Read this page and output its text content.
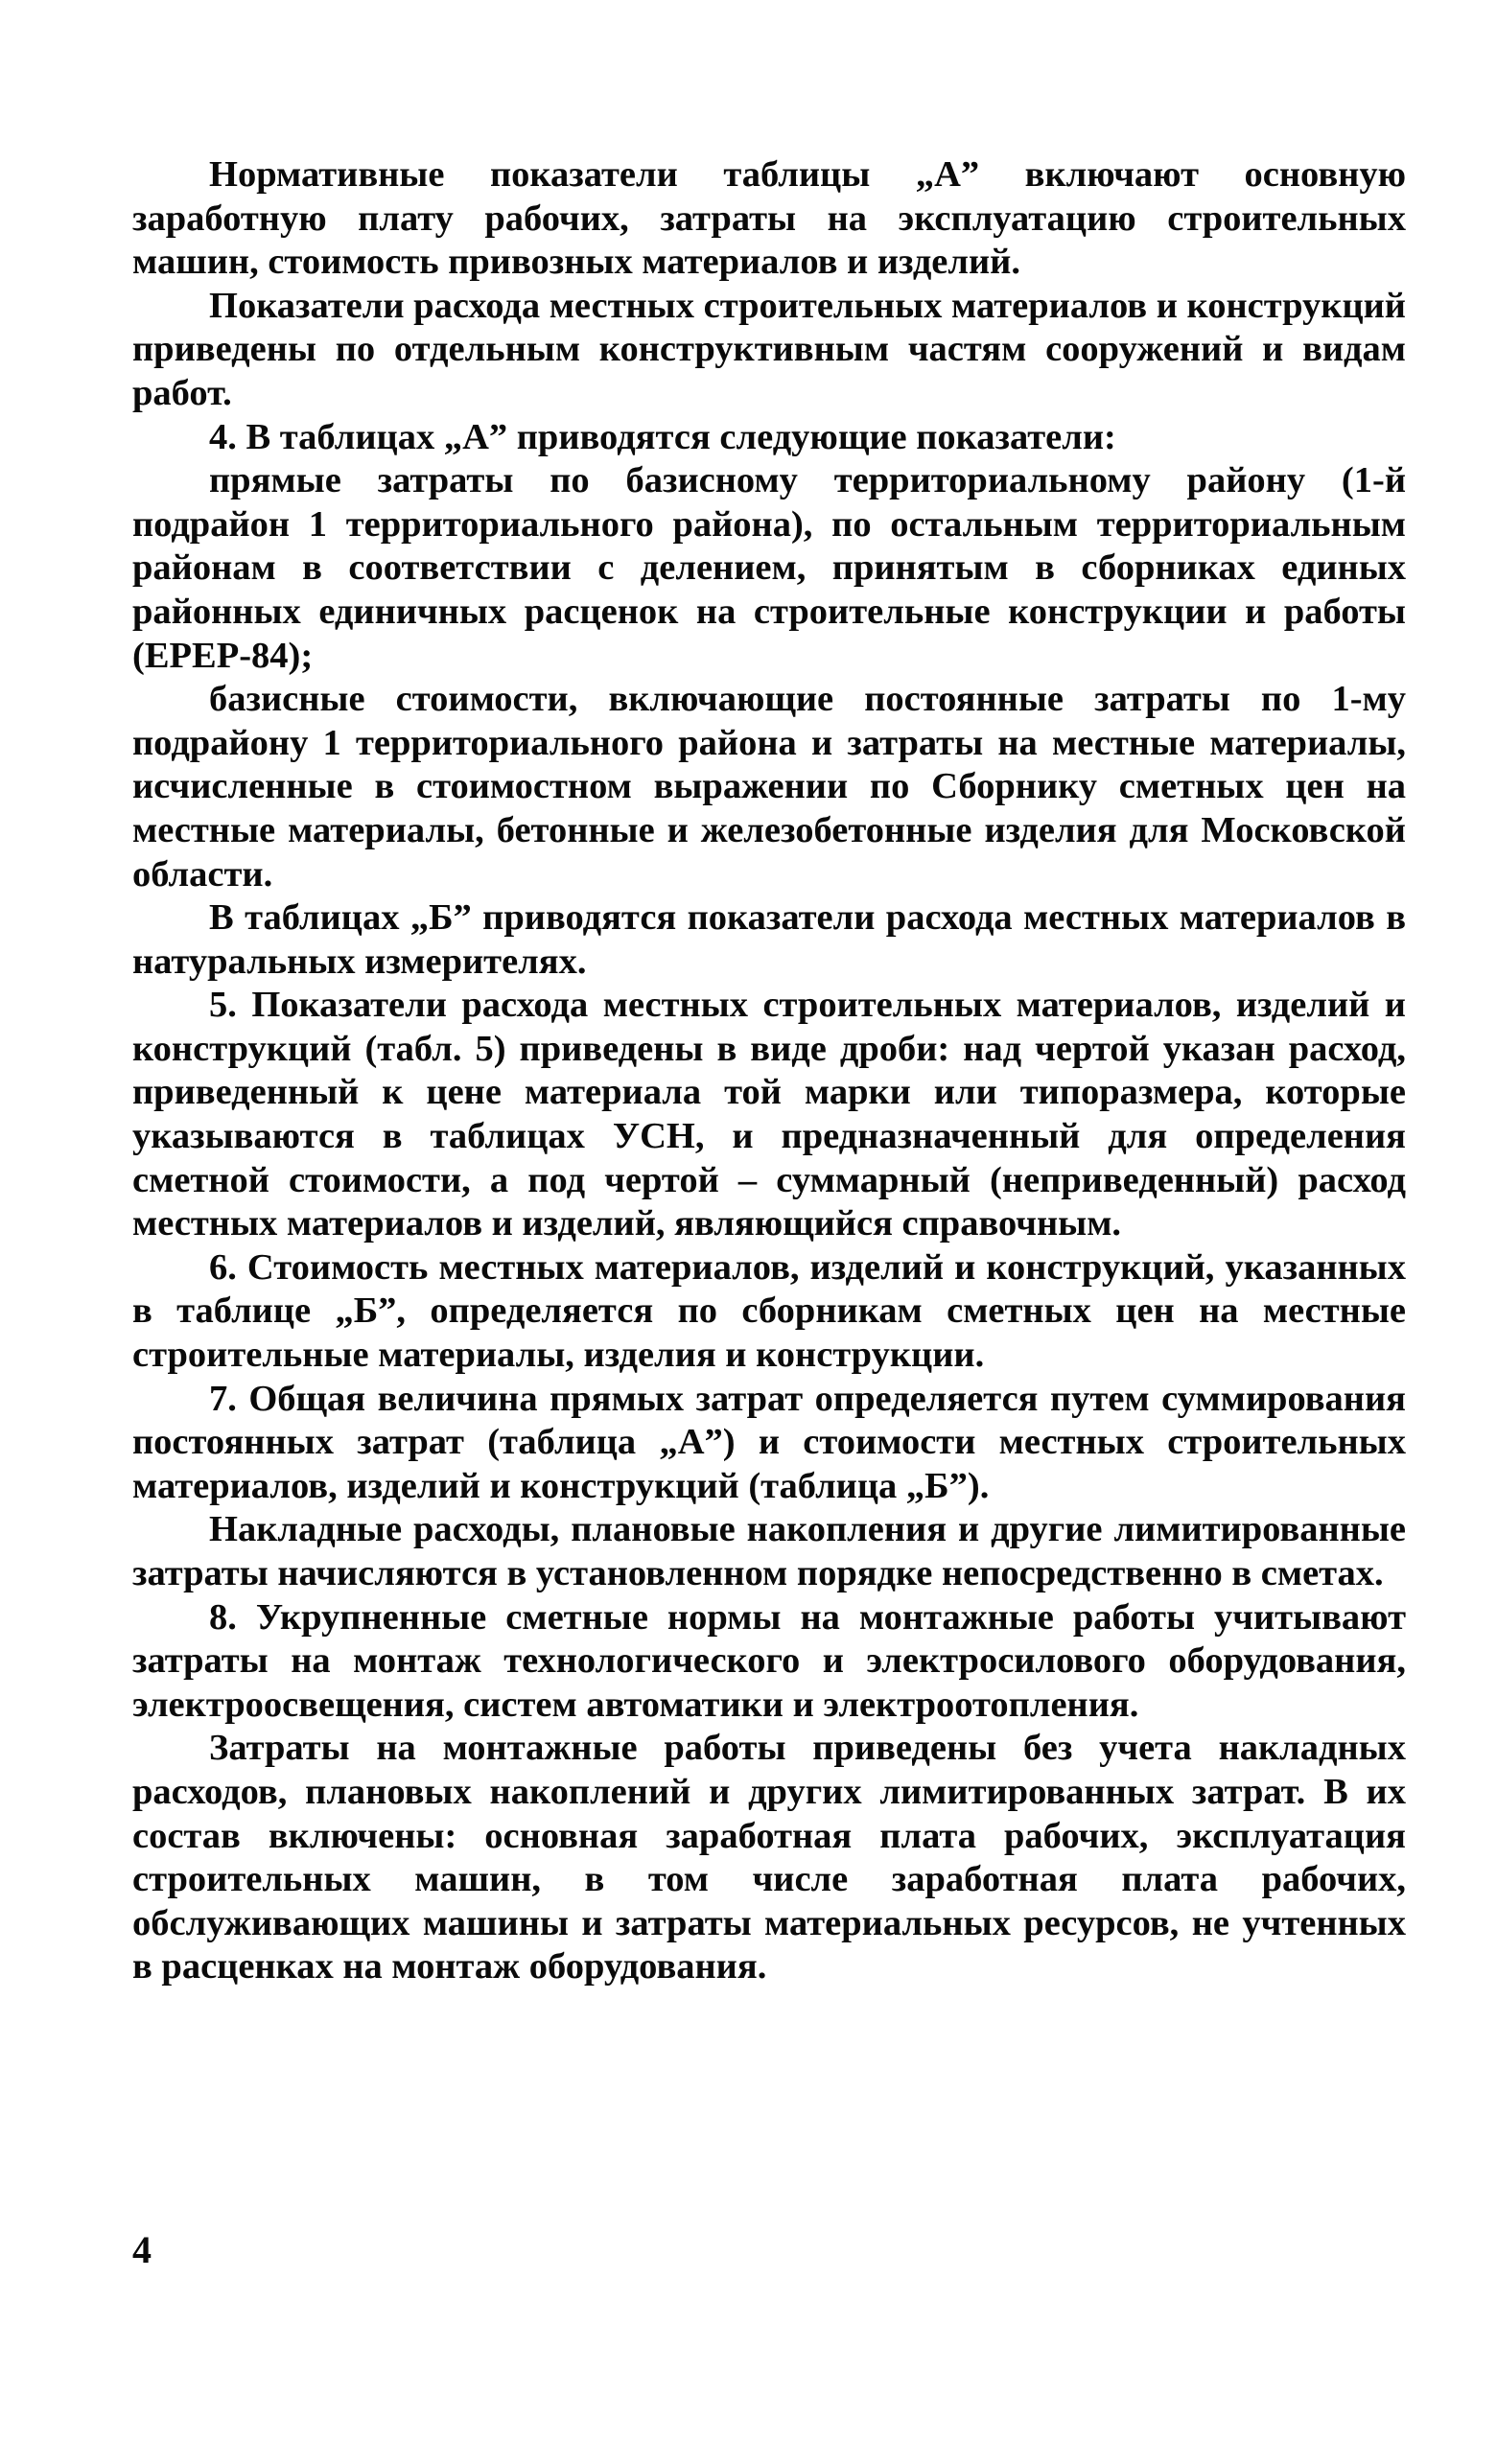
Нормативные показатели таблицы „А” включают основную заработную плату рабочих, затраты на эксплуатацию строительных машин, стоимость привозных материалов и изделий.

Показатели расхода местных строительных материалов и конструкций приведены по отдельным конструктивным частям сооружений и видам работ.

4. В таблицах „А” приводятся следующие показатели:

прямые затраты по базисному территориальному району (1-й подрайон 1 территориального района), по остальным территориальным районам в соответствии с делением, принятым в сборниках единых районных единичных расценок на строительные конструкции и работы (ЕРЕР-84);

базисные стоимости, включающие постоянные затраты по 1-му подрайону 1 территориального района и затраты на местные материалы, исчисленные в стоимостном выражении по Сборнику сметных цен на местные материалы, бетонные и железобетонные изделия для Московской области.

В таблицах „Б” приводятся показатели расхода местных материалов в натуральных измерителях.

5. Показатели расхода местных строительных материалов, изделий и конструкций (табл. 5) приведены в виде дроби: над чертой указан расход, приведенный к цене материала той марки или типоразмера, которые указываются в таблицах УСН, и предназначенный для определения сметной стоимости, а под чертой – суммарный (неприведенный) расход местных материалов и изделий, являющийся справочным.

6. Стоимость местных материалов, изделий и конструкций, указанных в таблице „Б”, определяется по сборникам сметных цен на местные строительные материалы, изделия и конструкции.

7. Общая величина прямых затрат определяется путем суммирования постоянных затрат (таблица „А”) и стоимости местных строительных материалов, изделий и конструкций (таблица „Б”).

Накладные расходы, плановые накопления и другие лимитированные затраты начисляются в установленном порядке непосредственно в сметах.

8. Укрупненные сметные нормы на монтажные работы учитывают затраты на монтаж технологического и электросилового оборудования, электроосвещения, систем автоматики и электроотопления.

Затраты на монтажные работы приведены без учета накладных расходов, плановых накоплений и других лимитированных затрат. В их состав включены: основная заработная плата рабочих, эксплуатация строительных машин, в том числе заработная плата рабочих, обслуживающих машины и затраты материальных ресурсов, не учтенных в расценках на монтаж оборудования.

4
